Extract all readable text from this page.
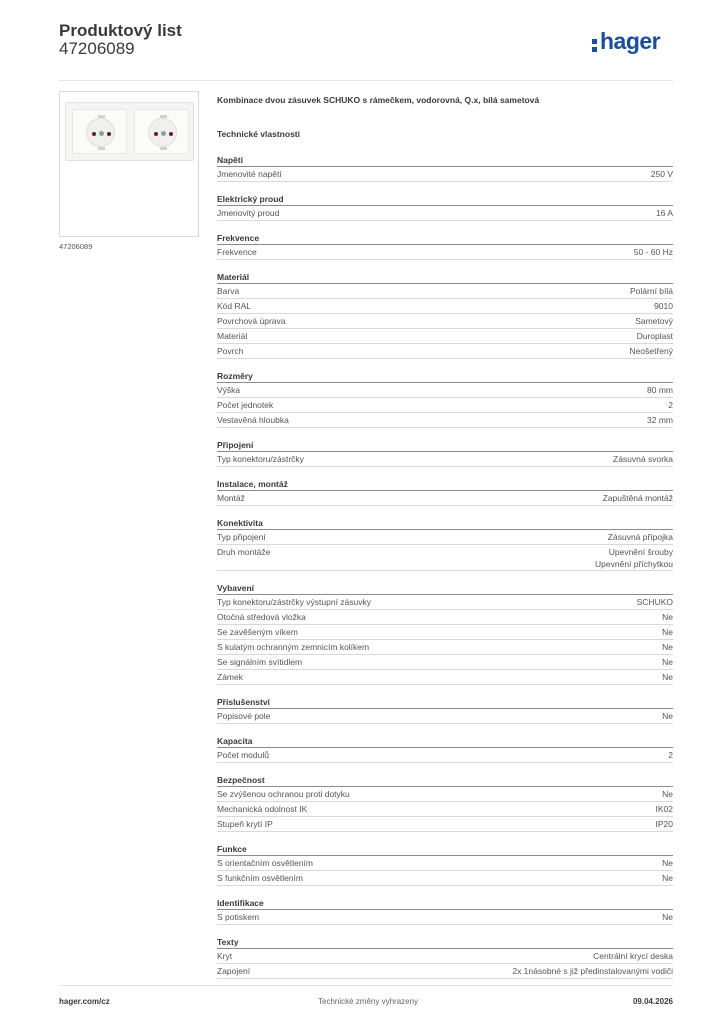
Produktový list
47206089	hager
47206089
Kombinace dvou zásuvek SCHUKO s rámečkem, vodorovná, Q.x, bílá sametová
Technické vlastnosti
Napětí
Jmenovité napětí	250 V
Elektrický proud
Jmenovitý proud	16 A
Frekvence
Frekvence	50 - 60 Hz
Materiál
Barva	Polární bílá
Kód RAL	9010
Povrchová úprava	Sametový
Materiál	Duroplast
Povrch	Neošetřený
Rozměry
Výška	80 mm
Počet jednotek	2
Vestavěná hloubka	32 mm
Připojení
Typ konektoru/zástrčky	Zásuvná svorka
Instalace, montáž
Montáž	Zapuštěná montáž
Konektivita
Typ připojení	Zásuvná přípojka
Druh montáže	Upevnění šrouby
Upevnění příchytkou
Vybavení
Typ konektoru/zástrčky výstupní zásuvky	SCHUKO
Otočná středová vložka	Ne
Se zavěšeným víkem	Ne
S kulatým ochranným zemnicím kolíkem	Ne
Se signálním svítidlem	Ne
Zámek	Ne
Příslušenství
Popisové pole	Ne
Kapacita
Počet modulů	2
Bezpečnost
Se zvýšenou ochranou proti dotyku	Ne
Mechanická odolnost IK	IK02
Stupeň krytí IP	IP20
Funkce
S orientačním osvětlením	Ne
S funkčním osvětlením	Ne
Identifikace
S potiskem	Ne
Texty
Kryt	Centrální krycí deska
Zapojení	2x 1násobné s již předinstalovanými vodiči
hager.com/cz	Technické změny vyhrazeny	09.04.2026
